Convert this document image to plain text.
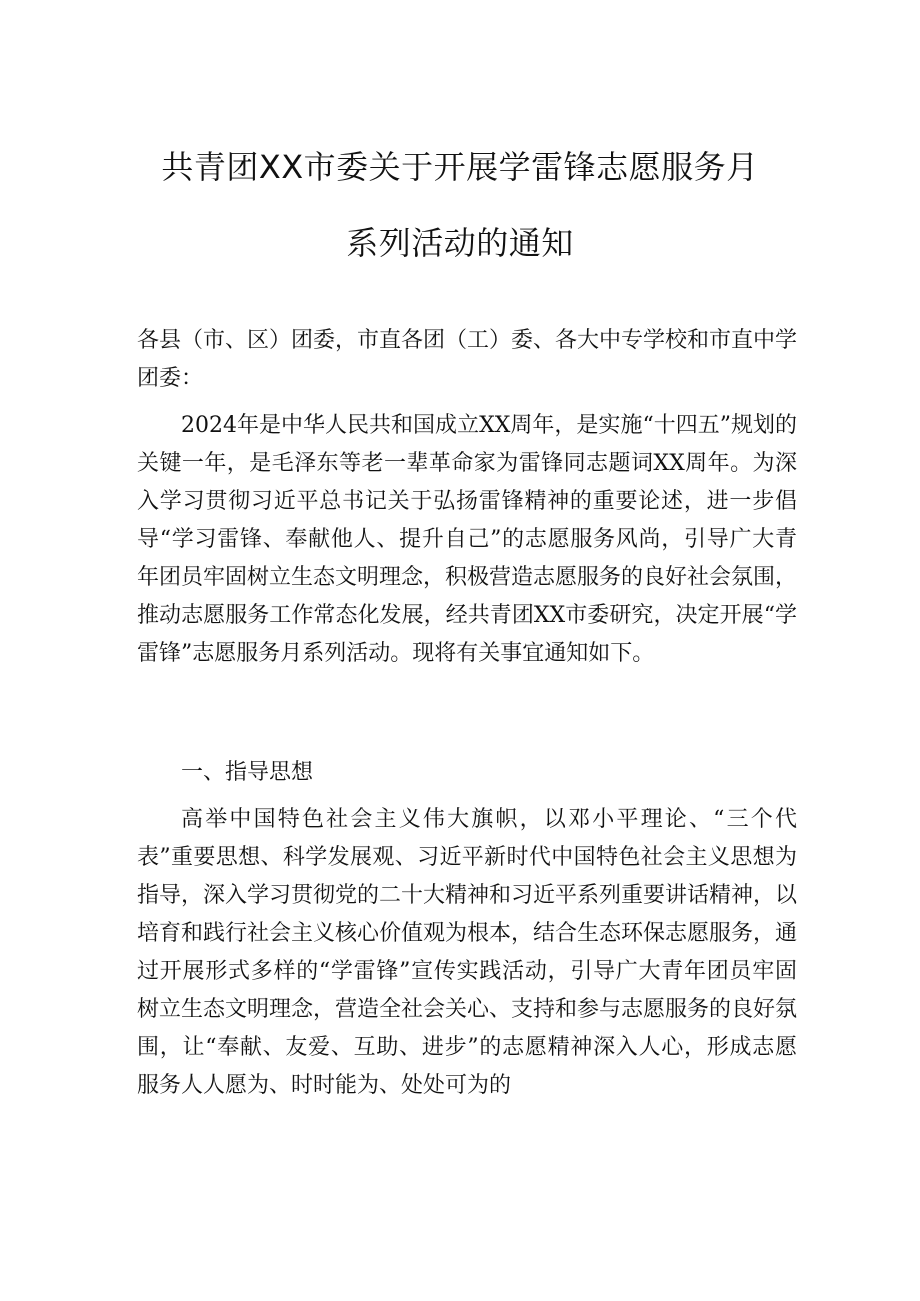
共青团XX市委关于开展学雷锋志愿服务月
系列活动的通知
各县（市、区）团委，市直各团（工）委、各大中专学校和市直中学团委：
2024年是中华人民共和国成立XX周年，是实施“十四五”规划的关键一年，是毛泽东等老一辈革命家为雷锋同志题词XX周年。为深入学习贯彻习近平总书记关于弘扬雷锋精神的重要论述，进一步倡导“学习雷锋、奉献他人、提升自己”的志愿服务风尚，引导广大青年团员牢固树立生态文明理念，积极营造志愿服务的良好社会氛围，推动志愿服务工作常态化发展，经共青团XX市委研究，决定开展“学雷锋”志愿服务月系列活动。现将有关事宜通知如下。
一、指导思想
高举中国特色社会主义伟大旗帜，以邓小平理论、“三个代表”重要思想、科学发展观、习近平新时代中国特色社会主义思想为指导，深入学习贯彻党的二十大精神和习近平系列重要讲话精神，以培育和践行社会主义核心价值观为根本，结合生态环保志愿服务，通过开展形式多样的“学雷锋”宣传实践活动，引导广大青年团员牢固树立生态文明理念，营造全社会关心、支持和参与志愿服务的良好氛围，让“奉献、友爱、互助、进步”的志愿精神深入人心，形成志愿服务人人愿为、时时能为、处处可为的
